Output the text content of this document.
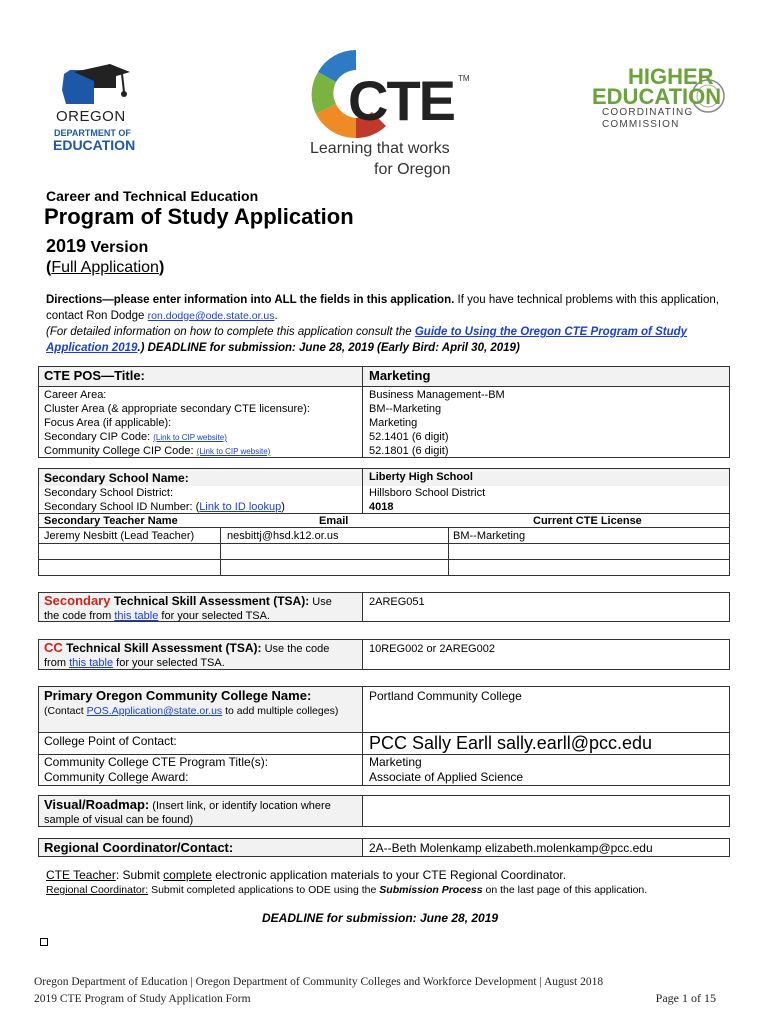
OREGON
DEPARTMENT OF
EDUCATION
CTE TM
Learning that works
for Oregon
HIGHER
EDUCATION
COORDINATING
COMMISSION
Career and Technical Education
Program of Study Application
2019 Version
(Full Application)
Directions—please enter information into ALL the fields in this application. If you have technical problems with this application, contact Ron Dodge ron.dodge@ode.state.or.us.
(For detailed information on how to complete this application consult the Guide to Using the Oregon CTE Program of Study Application 2019.) DEADLINE for submission: June 28, 2019 (Early Bird: April 30, 2019)
CTE POS—Title:	Marketing
Career Area:	Business Management--BM
Cluster Area (& appropriate secondary CTE licensure):	BM--Marketing
Focus Area (if applicable):	Marketing
Secondary CIP Code: (Link to CIP website)	52.1401 (6 digit)
Community College CIP Code: (Link to CIP website)	52.1801 (6 digit)
Secondary School Name:	Liberty High School
Secondary School District:	Hillsboro School District
Secondary School ID Number: (Link to ID lookup)	4018
Secondary Teacher Name	Email	Current CTE License
Jeremy Nesbitt (Lead Teacher)	nesbittj@hsd.k12.or.us	BM--Marketing
Secondary Technical Skill Assessment (TSA): Use
the code from this table for your selected TSA.
2AREG051
CC Technical Skill Assessment (TSA): Use the code
from this table for your selected TSA.
10REG002 or 2AREG002
Primary Oregon Community College Name:	Portland Community College
(Contact POS.Application@state.or.us to add multiple colleges)
College Point of Contact:	PCC Sally Earll sally.earll@pcc.edu
Community College CTE Program Title(s):	Marketing
Community College Award:	Associate of Applied Science
Visual/Roadmap: (Insert link, or identify location where sample of visual can be found)
Regional Coordinator/Contact:	2A--Beth Molenkamp elizabeth.molenkamp@pcc.edu
CTE Teacher: Submit complete electronic application materials to your CTE Regional Coordinator.
Regional Coordinator: Submit completed applications to ODE using the Submission Process on the last page of this application.
DEADLINE for submission: June 28, 2019
Oregon Department of Education | Oregon Department of Community Colleges and Workforce Development | August 2018
2019 CTE Program of Study Application Form	Page 1 of 15
